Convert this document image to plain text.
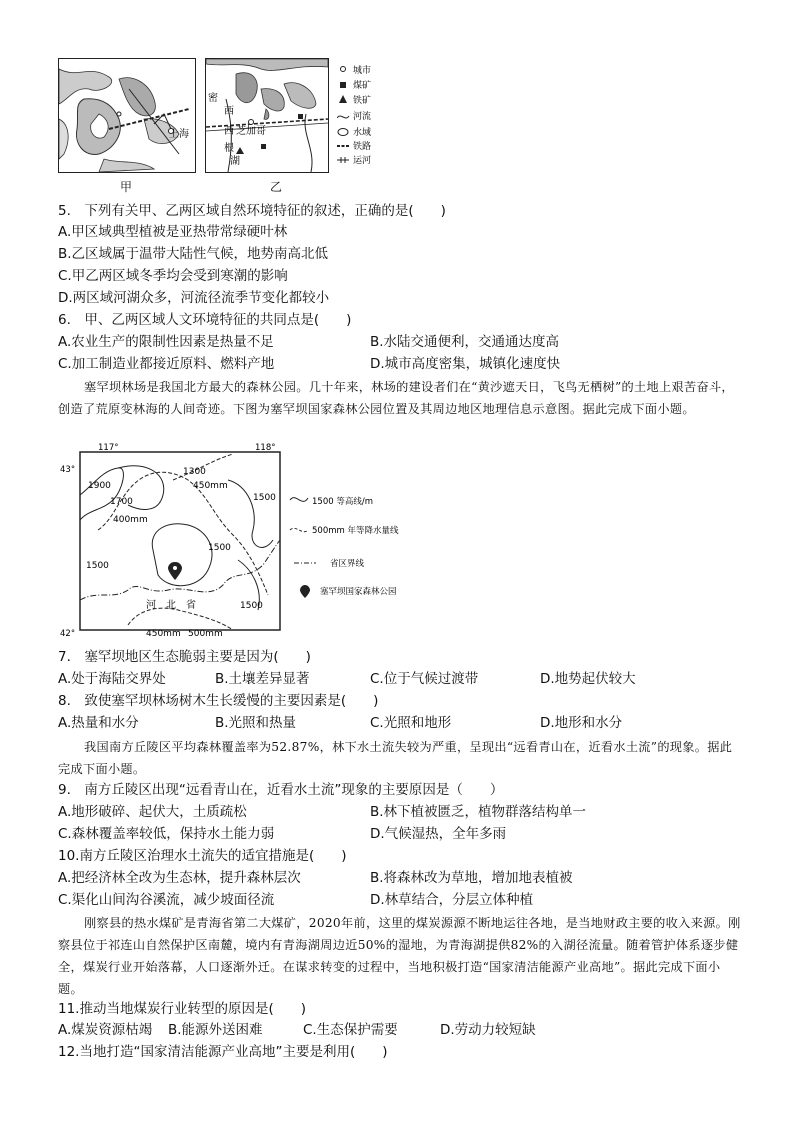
上海
密
西
西 芝加哥
根
湖
城市
煤矿
铁矿
河流
水域
铁路
运河
甲	乙
5.　下列有关甲、乙两区域自然环境特征的叙述，正确的是(　　)
A.甲区域典型植被是亚热带常绿硬叶林
B.乙区域属于温带大陆性气候，地势南高北低
C.甲乙两区域冬季均会受到寒潮的影响
D.两区域河湖众多，河流径流季节变化都较小
6.　甲、乙两区域人文环境特征的共同点是(　　)
A.农业生产的限制性因素是热量不足	B.水陆交通便利，交通通达度高
C.加工制造业都接近原料、燃料产地	D.城市高度密集，城镇化速度快

塞罕坝林场是我国北方最大的森林公园。几十年来，林场的建设者们在“黄沙遮天日，飞鸟无栖树”的土地上艰苦奋斗，创造了荒原变林海的人间奇迹。下图为塞罕坝国家森林公园位置及其周边地区地理信息示意图。据此完成下面小题。

117°	118°
43°
42°
1900
1300
1500
1700
1500
1500
1500
450mm
400mm
450mm 500mm
河　北　省
1500 等高线/m
500mm 年等降水量线
省区界线
塞罕坝国家森林公园
7.　塞罕坝地区生态脆弱主要是因为(　　)
A.处于海陆交界处	B.土壤差异显著	C.位于气候过渡带	D.地势起伏较大
8.　致使塞罕坝林场树木生长缓慢的主要因素是(　　)
A.热量和水分	B.光照和热量	C.光照和地形	D.地形和水分

我国南方丘陵区平均森林覆盖率为52.87%，林下水土流失较为严重，呈现出“远看青山在，近看水土流”的现象。据此完成下面小题。

9.　南方丘陵区出现“远看青山在，近看水土流”现象的主要原因是（　　）
A.地形破碎、起伏大，土质疏松	B.林下植被匮乏，植物群落结构单一
C.森林覆盖率较低，保持水土能力弱	D.气候湿热，全年多雨
10.南方丘陵区治理水土流失的适宜措施是(　　)
A.把经济林全改为生态林，提升森林层次	B.将森林改为草地，增加地表植被
C.渠化山间沟谷溪流，减少坡面径流	D.林草结合，分层立体种植

刚察县的热水煤矿是青海省第二大煤矿，2020年前，这里的煤炭源源不断地运往各地，是当地财政主要的收入来源。刚察县位于祁连山自然保护区南麓，境内有青海湖周边近50%的湿地，为青海湖提供82%的入湖径流量。随着管护体系逐步健全，煤炭行业开始落幕，人口逐渐外迁。在谋求转变的过程中，当地积极打造“国家清洁能源产业高地”。据此完成下面小题。

11.推动当地煤炭行业转型的原因是(　　)
A.煤炭资源枯竭 B.能源外送困难	C.生态保护需要	D.劳动力较短缺
12.当地打造“国家清洁能源产业高地”主要是利用(　　)
